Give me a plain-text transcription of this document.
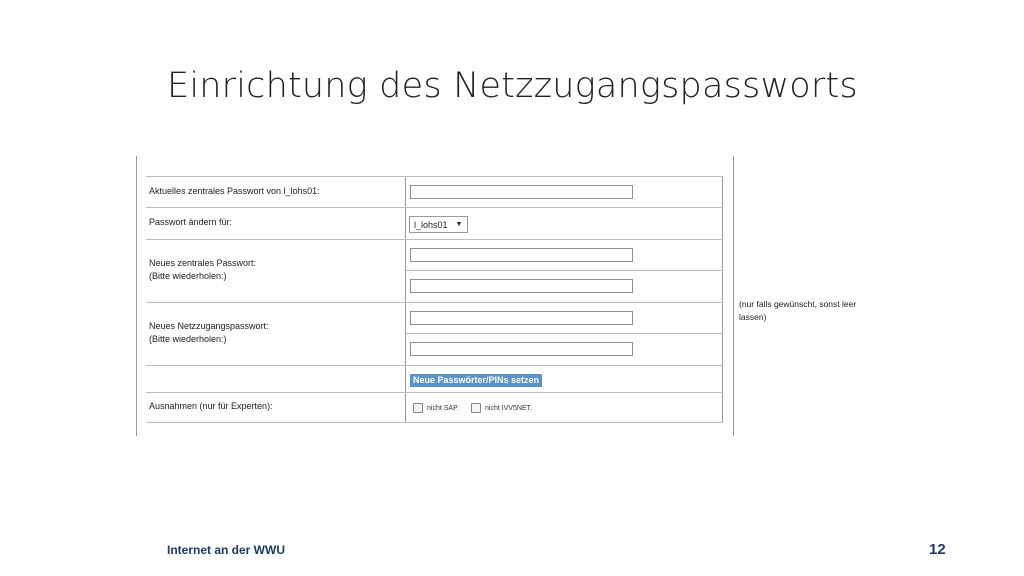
Einrichtung des Netzzugangspassworts
Aktuelles zentrales Passwort von l_lohs01:
Passwort ändern für:	l_lohs01 ▼
Neues zentrales Passwort:
(Bitte wiederholen:)
Neues Netzzugangspasswort:
(Bitte wiederholen:)
(nur falls gewünscht, sonst leer
lassen)
Neue Passwörter/PINs setzen
Ausnahmen (nur für Experten):	nicht SAP.	nicht IVV5NET.
Internet an der WWU	12
